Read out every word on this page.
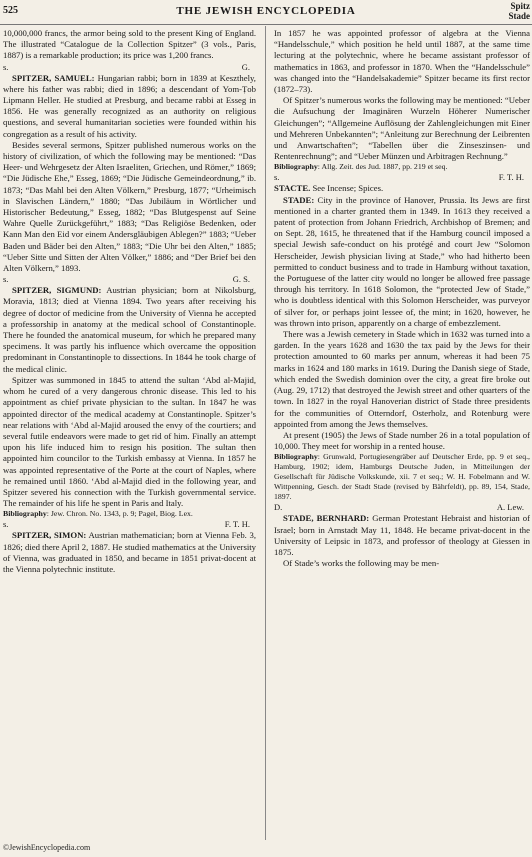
525	THE JEWISH ENCYCLOPEDIA	Spitz
Stade

10,000,000 francs, the armor being sold to the present King of England. The illustrated “Catalogue de la Collection Spitzer” (3 vols., Paris, 1887) is a remarkable production; its price was 1,200 francs.

s.	G.

SPITZER, SAMUEL: Hungarian rabbi; born in 1839 at Keszthely, where his father was rabbi; died in 1896; a descendant of Yom-Ṭob Lipmann Heller. He studied at Presburg, and became rabbi at Esseg in 1856. He was generally recognized as an authority on religious questions, and several humanitarian societies were founded within his congregation as a result of his activity.

Besides several sermons, Spitzer published numerous works on the history of civilization, of which the following may be mentioned: “Das Heer- und Wehrgesetz der Alten Israeliten, Griechen, und Römer,” 1869; “Die Jüdische Ehe,” Esseg, 1869; “Die Jüdische Gemeindeordnung,” ib. 1873; “Das Mahl bei den Alten Völkern,” Presburg, 1877; “Urheimisch in Slavischen Ländern,” 1880; “Das Jubiläum in Wörtlicher und Historischer Bedeutung,” Esseg, 1882; “Das Blutgespenst auf Seine Wahre Quelle Zurückgeführt,” 1883; “Das Religiöse Bedenken, oder Kann Man den Eid vor einem Andersgläubigen Ablegen?” 1883; “Ueber Baden und Bäder bei den Alten,” 1883; “Die Uhr bei den Alten,” 1885; “Ueber Sitte und Sitten der Alten Völker,” 1886; and “Der Brief bei den Alten Völkern,” 1893.

s.	G. S.

SPITZER, SIGMUND: Austrian physician; born at Nikolsburg, Moravia, 1813; died at Vienna 1894. Two years after receiving his degree of doctor of medicine from the University of Vienna he accepted a professorship in anatomy at the medical school of Constantinople. There he founded the anatomical museum, for which he prepared many specimens. It was partly his influence which overcame the opposition predominant in Constantinople to dissections. In 1844 he took charge of the medical clinic.

Spitzer was summoned in 1845 to attend the sultan ‘Abd al-Majid, whom he cured of a very dangerous chronic disease. This led to his appointment as chief private physician to the sultan. In 1847 he was appointed director of the medical academy at Constantinople. Spitzer’s near relations with ‘Abd al-Majid aroused the envy of the courtiers; and several futile endeavors were made to get rid of him. Finally an attempt upon his life induced him to resign his position. The sultan then appointed him councilor to the Turkish embassy at Vienna. In 1857 he was appointed representative of the Porte at the court of Naples, where he remained until 1860. ‘Abd al-Majid died in the following year, and Spitzer severed his connection with the Turkish governmental service. The remainder of his life he spent in Paris and Italy.

Bibliography: Jew. Chron. No. 1343, p. 9; Pagel, Biog. Lex.

s.	F. T. H.

SPITZER, SIMON: Austrian mathematician; born at Vienna Feb. 3, 1826; died there April 2, 1887. He studied mathematics at the University of Vienna, was graduated in 1850, and became in 1851 privat-docent at the Vienna polytechnic institute.

In 1857 he was appointed professor of algebra at the Vienna “Handelsschule,” which position he held until 1887, at the same time lecturing at the polytechnic, where he became assistant professor of mathematics in 1863, and professor in 1870. When the “Handelsschule” was changed into the “Handelsakademie” Spitzer became its first rector (1872–73).

Of Spitzer’s numerous works the following may be mentioned: “Ueber die Aufsuchung der Imaginären Wurzeln Höherer Numerischer Gleichungen”; “Allgemeine Auflösung der Zahlengleichungen mit Einer und Mehreren Unbekannten”; “Anleitung zur Berechnung der Leibrenten und Anwartschaften”; “Tabellen über die Zinseszinsen- und Rentenrechnung”; and “Ueber Münzen und Arbitragen Rechnung.”

Bibliography: Allg. Zeit. des Jud. 1887, pp. 219 et seq.

s.	F. T. H.

STACTE. See Incense; Spices.

STADE: City in the province of Hanover, Prussia. Its Jews are first mentioned in a charter granted them in 1349. In 1613 they received a patent of protection from Johann Friedrich, Archbishop of Bremen; and on Sept. 28, 1615, he threatened that if the Hamburg council imposed a special Jewish safe-conduct on his protégé and court Jew “Solomon Herscheider, Jewish physician living at Stade,” who had hitherto been permitted to conduct business and to trade in Hamburg without taxation, the Portuguese of the latter city would no longer be allowed free passage through his territory. In 1618 Solomon, the “protected Jew of Stade,” who is doubtless identical with this Solomon Herscheider, was purveyor of silver for, or perhaps joint lessee of, the mint; in 1620, however, he was thrown into prison, apparently on a charge of embezzlement.

There was a Jewish cemetery in Stade which in 1632 was turned into a garden. In the years 1628 and 1630 the tax paid by the Jews for their protection amounted to 60 marks per annum, whereas it had been 75 marks in 1624 and 180 marks in 1619. During the Danish siege of Stade, which ended the Swedish dominion over the city, a great fire broke out (Aug. 29, 1712) that destroyed the Jewish street and other quarters of the town. In 1827 in the royal Hanoverian district of Stade three presidents for the communities of Otterndorf, Osterholz, and Rotenburg were appointed from among the Jews themselves.

At present (1905) the Jews of Stade number 26 in a total population of 10,000. They meet for worship in a rented house.

Bibliography: Grunwald, Portugiesengräber auf Deutscher Erde, pp. 9 et seq., Hamburg, 1902; idem, Hamburgs Deutsche Juden, in Mitteilungen der Gesellschaft für Jüdische Volkskunde, xii. 7 et seq.; W. H. Fobelmann and W. Wittpenning, Gesch. der Stadt Stade (revised by Bährfeldt), pp. 89, 154, Stade, 1897.

D.	A. Lew.

STADE, BERNHARD: German Protestant Hebraist and historian of Israel; born in Arnstadt May 11, 1848. He became privat-docent in the University of Leipsic in 1873, and professor of theology at Giessen in 1875.

Of Stade’s works the following may be men-

©JewishEncyclopedia.com
